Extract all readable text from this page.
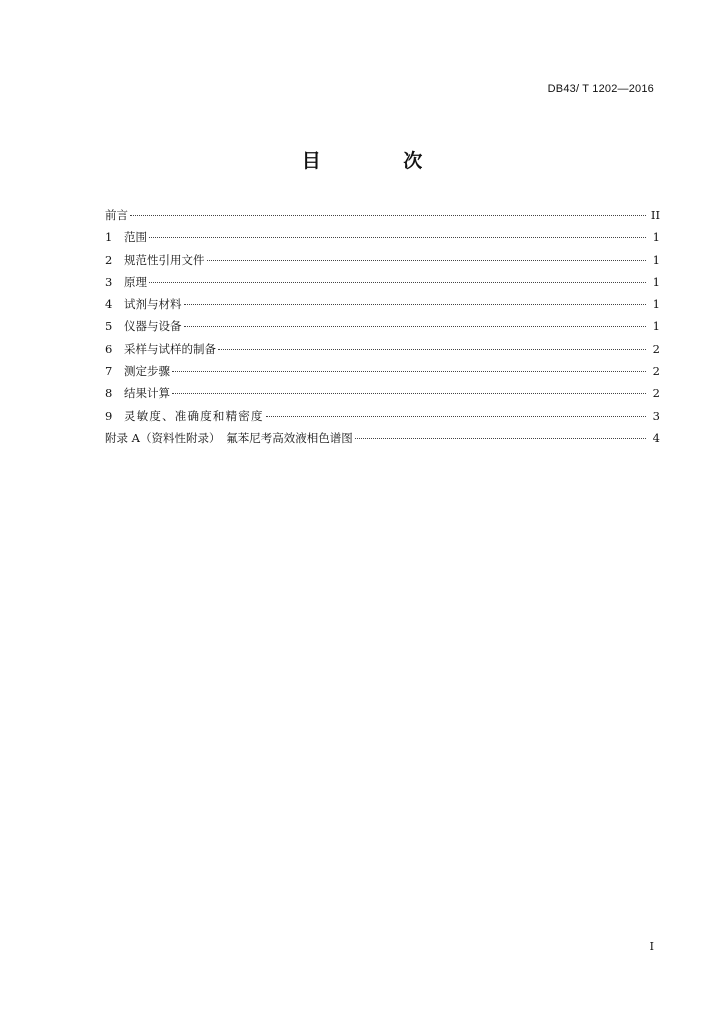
DB43/ T 1202—2016
目 次
前言	II
1	范围	1
2	规范性引用文件	1
3	原理	1
4	试剂与材料	1
5	仪器与设备	1
6	采样与试样的制备	2
7	测定步骤	2
8	结果计算	2
9	灵敏度、准确度和精密度	3
附录 A（资料性附录）　氟苯尼考高效液相色谱图	4
I
